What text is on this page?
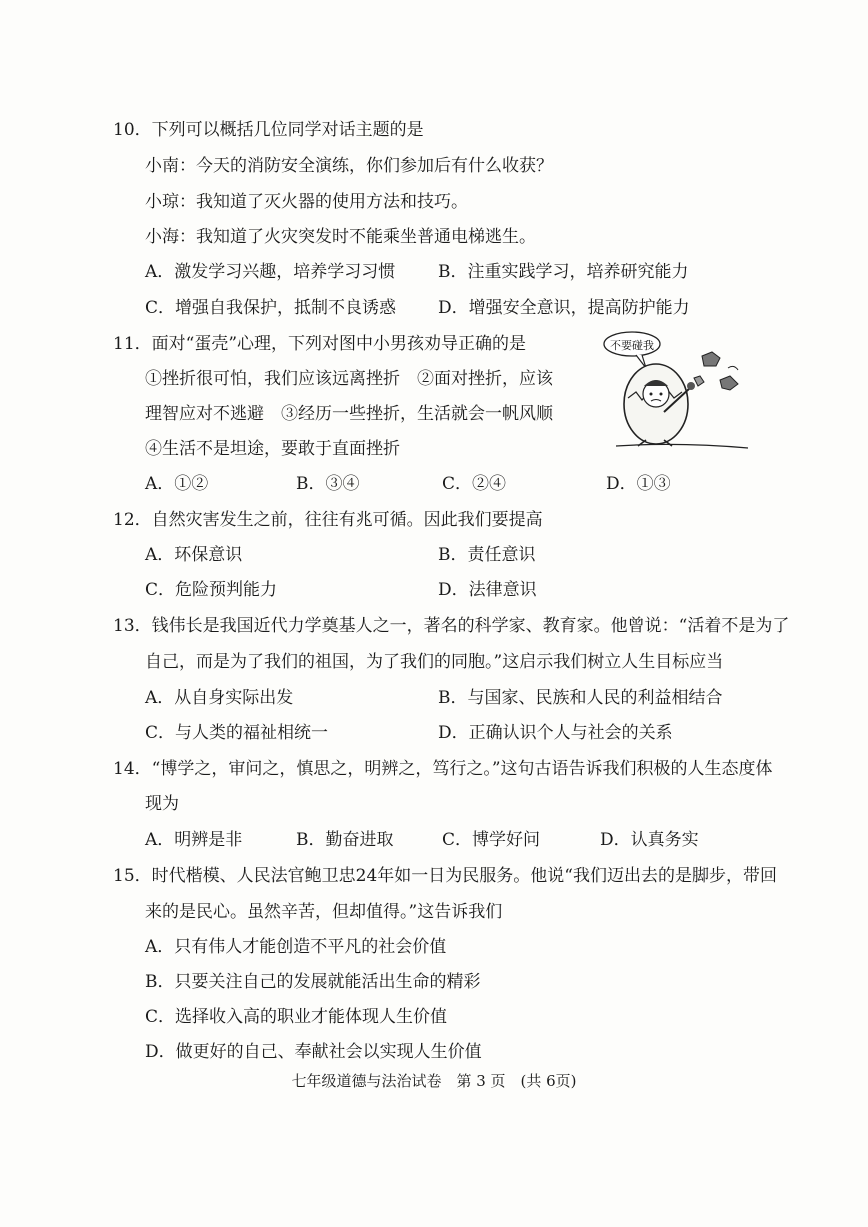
10．下列可以概括几位同学对话主题的是
小南：今天的消防安全演练，你们参加后有什么收获？
小琼：我知道了灭火器的使用方法和技巧。
小海：我知道了火灾突发时不能乘坐普通电梯逃生。
A．激发学习兴趣，培养学习习惯	B．注重实践学习，培养研究能力
C．增强自我保护，抵制不良诱惑 D．增强安全意识，提高防护能力
11．面对“蛋壳”心理，下列对图中小男孩劝导正确的是
①挫折很可怕，我们应该远离挫折　②面对挫折，应该
理智应对不逃避　③经历一些挫折，生活就会一帆风顺
④生活不是坦途，要敢于直面挫折
A．①②	B．③④	C．②④	D．①③
不要碰我
12．自然灾害发生之前，往往有兆可循。因此我们要提高
A．环保意识	B．责任意识
C．危险预判能力	D．法律意识
13．钱伟长是我国近代力学奠基人之一，著名的科学家、教育家。他曾说：“活着不是为了
自己，而是为了我们的祖国，为了我们的同胞。”这启示我们树立人生目标应当
A．从自身实际出发	B．与国家、民族和人民的利益相结合
C．与人类的福祉相统一	D．正确认识个人与社会的关系
14．“博学之，审问之，慎思之，明辨之，笃行之。”这句古语告诉我们积极的人生态度体
现为
A．明辨是非	B．勤奋进取	C．博学好问	D．认真务实
15．时代楷模、人民法官鲍卫忠24年如一日为民服务。他说“我们迈出去的是脚步，带回
来的是民心。虽然辛苦，但却值得。”这告诉我们
A．只有伟人才能创造不平凡的社会价值
B．只要关注自己的发展就能活出生命的精彩
C．选择收入高的职业才能体现人生价值
D．做更好的自己、奉献社会以实现人生价值
七年级道德与法治试卷　第 3 页　(共 6页)
